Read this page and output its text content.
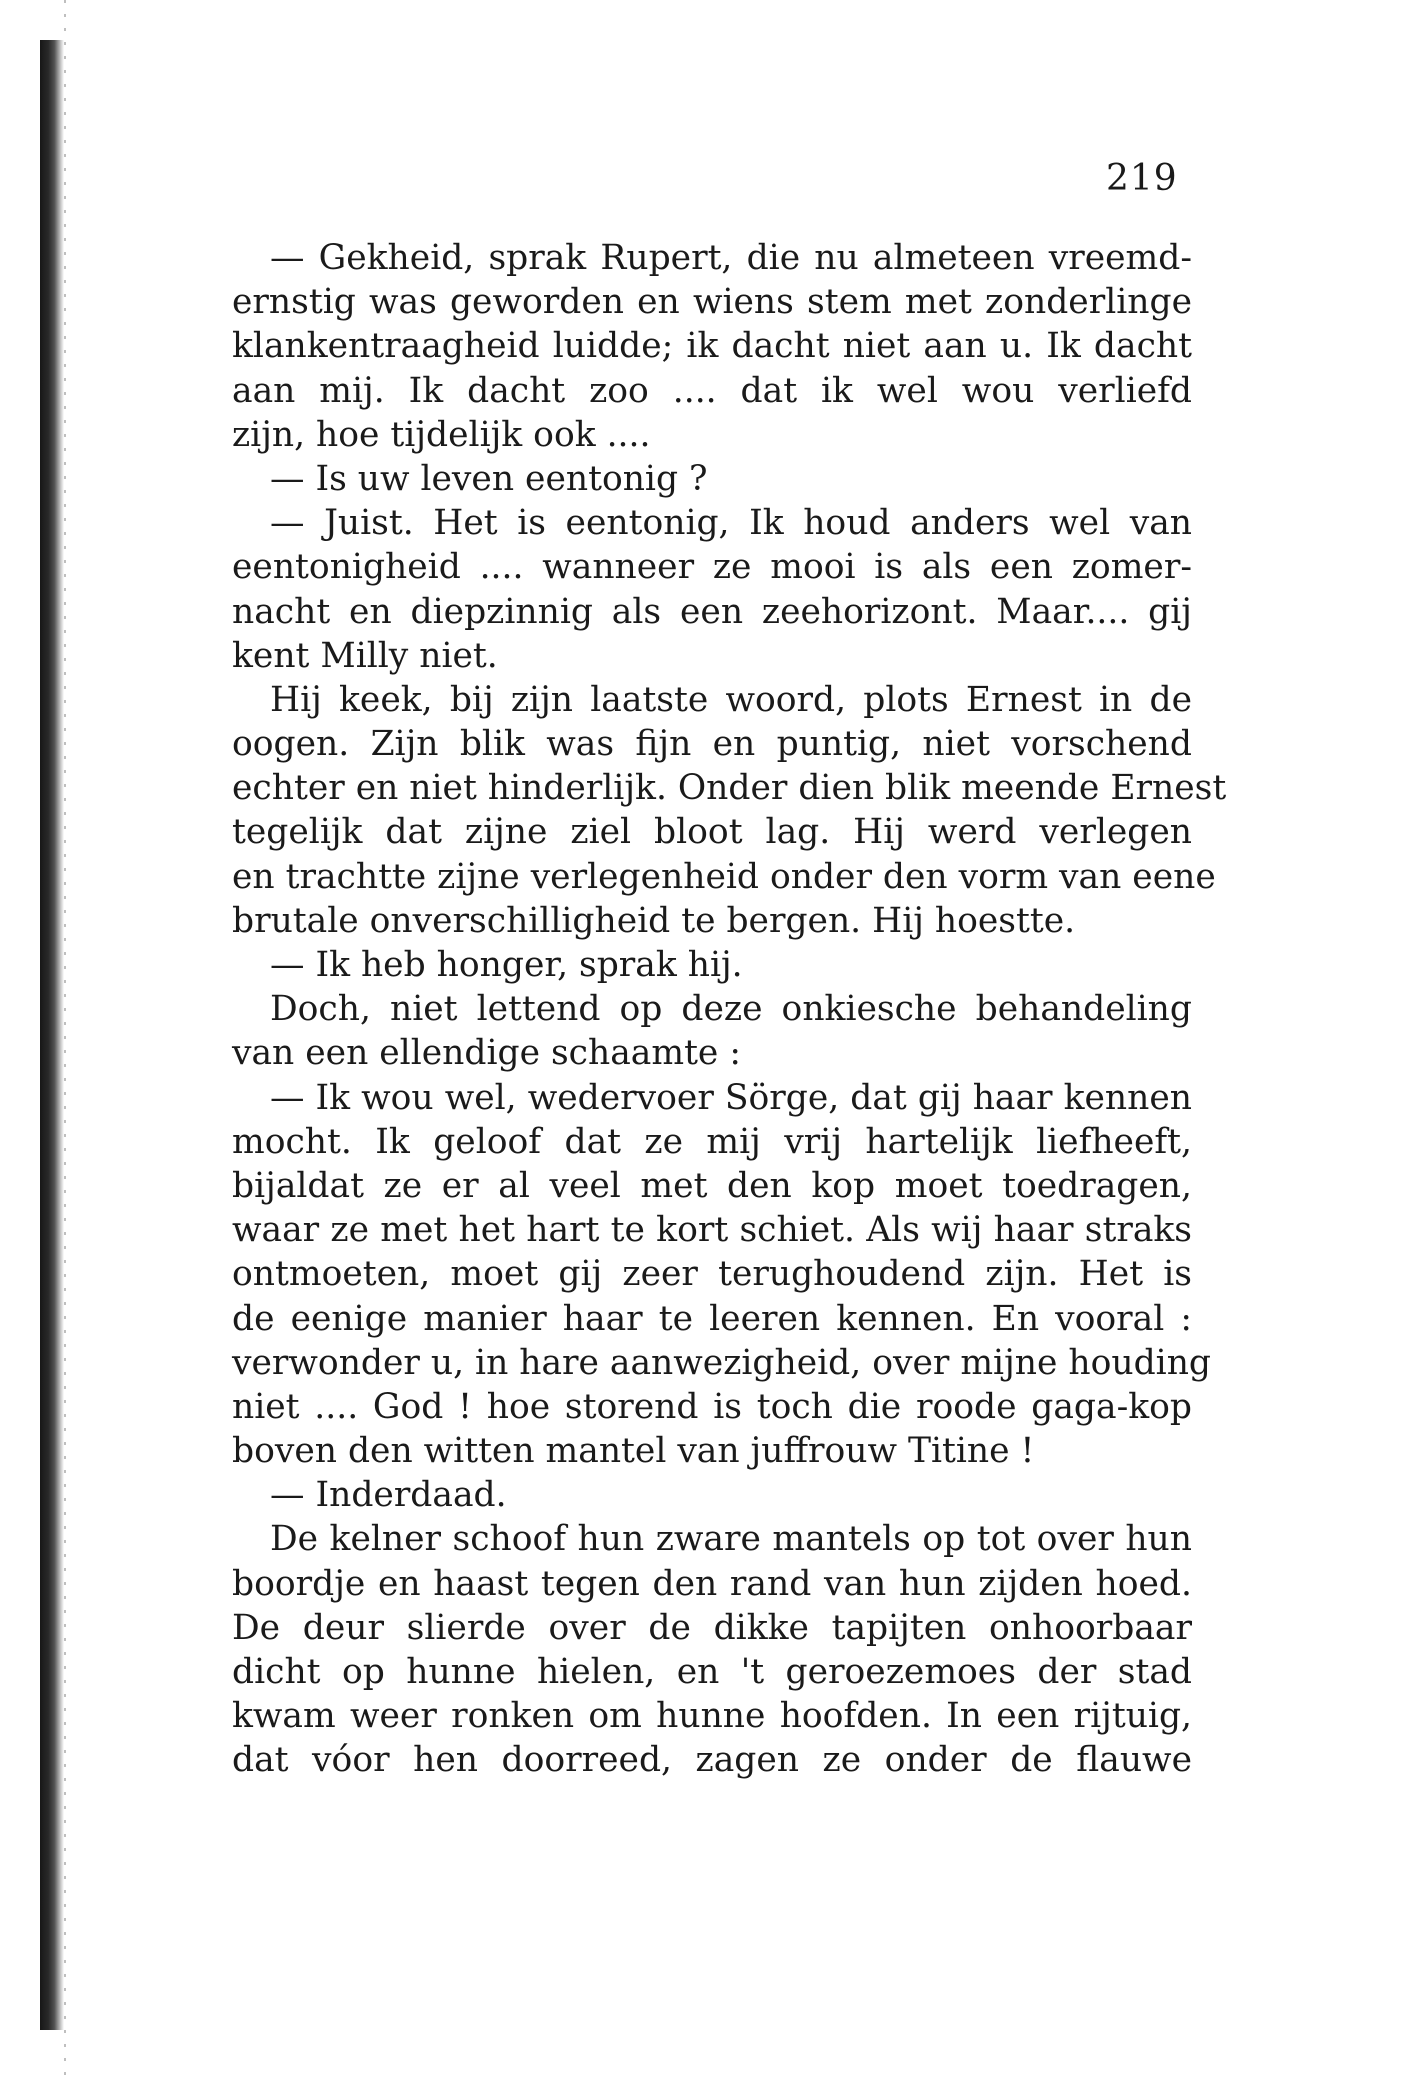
219
— Gekheid, sprak Rupert, die nu almeteen vreemd-
ernstig was geworden en wiens stem met zonderlinge
klankentraagheid luidde; ik dacht niet aan u. Ik dacht
aan mij. Ik dacht zoo .... dat ik wel wou verliefd
zijn, hoe tijdelijk ook ....
— Is uw leven eentonig ?
— Juist. Het is eentonig, Ik houd anders wel van
eentonigheid .... wanneer ze mooi is als een zomer-
nacht en diepzinnig als een zeehorizont. Maar.... gij
kent Milly niet.
Hij keek, bij zijn laatste woord, plots Ernest in de
oogen. Zijn blik was fijn en puntig, niet vorschend
echter en niet hinderlijk. Onder dien blik meende Ernest
tegelijk dat zijne ziel bloot lag. Hij werd verlegen
en trachtte zijne verlegenheid onder den vorm van eene
brutale onverschilligheid te bergen. Hij hoestte.
— Ik heb honger, sprak hij.
Doch, niet lettend op deze onkiesche behandeling
van een ellendige schaamte :
— Ik wou wel, wedervoer Sörge, dat gij haar kennen
mocht. Ik geloof dat ze mij vrij hartelijk liefheeft,
bijaldat ze er al veel met den kop moet toedragen,
waar ze met het hart te kort schiet. Als wij haar straks
ontmoeten, moet gij zeer terughoudend zijn. Het is
de eenige manier haar te leeren kennen. En vooral :
verwonder u, in hare aanwezigheid, over mijne houding
niet .... God ! hoe storend is toch die roode gaga-kop
boven den witten mantel van juffrouw Titine !
— Inderdaad.
De kelner schoof hun zware mantels op tot over hun
boordje en haast tegen den rand van hun zijden hoed.
De deur slierde over de dikke tapijten onhoorbaar
dicht op hunne hielen, en 't geroezemoes der stad
kwam weer ronken om hunne hoofden. In een rijtuig,
dat vóor hen doorreed, zagen ze onder de flauwe
